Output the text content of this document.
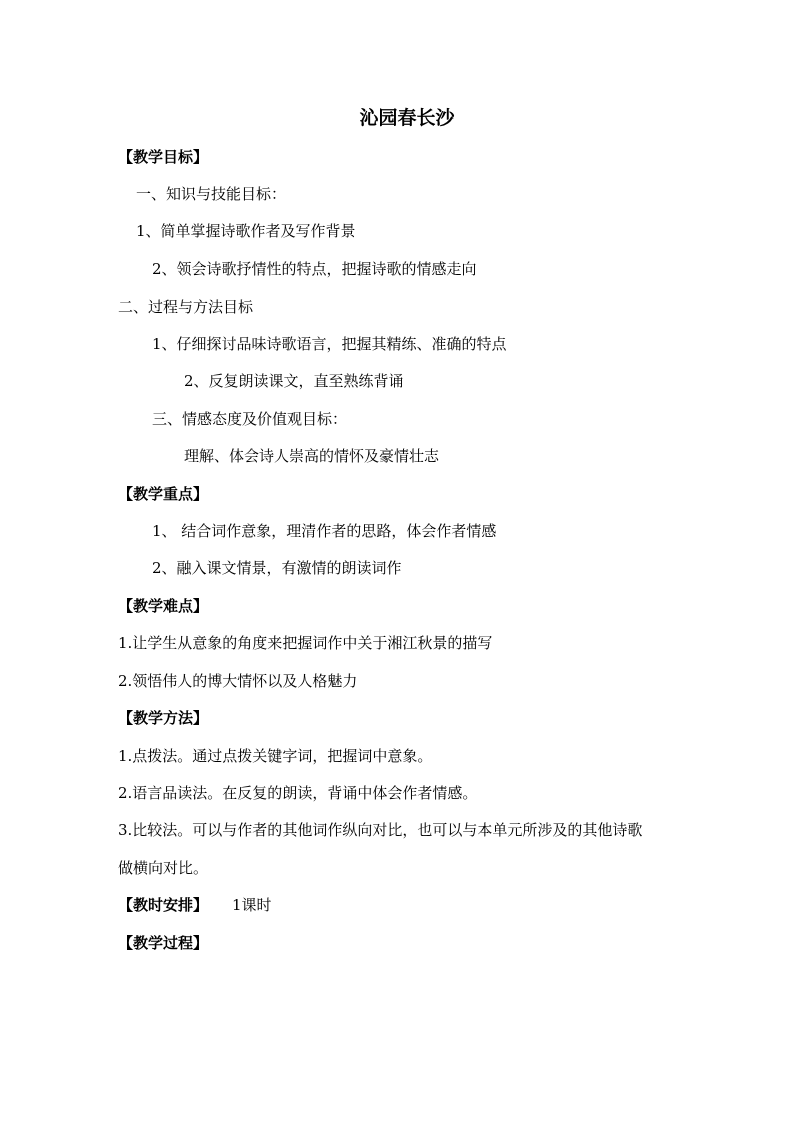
沁园春长沙
【教学目标】
一、知识与技能目标：
1、简单掌握诗歌作者及写作背景
2、领会诗歌抒情性的特点，把握诗歌的情感走向
二、过程与方法目标
1、仔细探讨品味诗歌语言，把握其精练、准确的特点
2、反复朗读课文，直至熟练背诵
三、情感态度及价值观目标：
理解、体会诗人崇高的情怀及豪情壮志
【教学重点】
1、 结合词作意象，理清作者的思路，体会作者情感
2、融入课文情景，有激情的朗读词作
【教学难点】
1.让学生从意象的角度来把握词作中关于湘江秋景的描写
2.领悟伟人的博大情怀以及人格魅力
【教学方法】
1.点拨法。通过点拨关键字词，把握词中意象。
2.语言品读法。在反复的朗读，背诵中体会作者情感。
3.比较法。可以与作者的其他词作纵向对比，也可以与本单元所涉及的其他诗歌
做横向对比。
【教时安排】 1课时
【教学过程】
